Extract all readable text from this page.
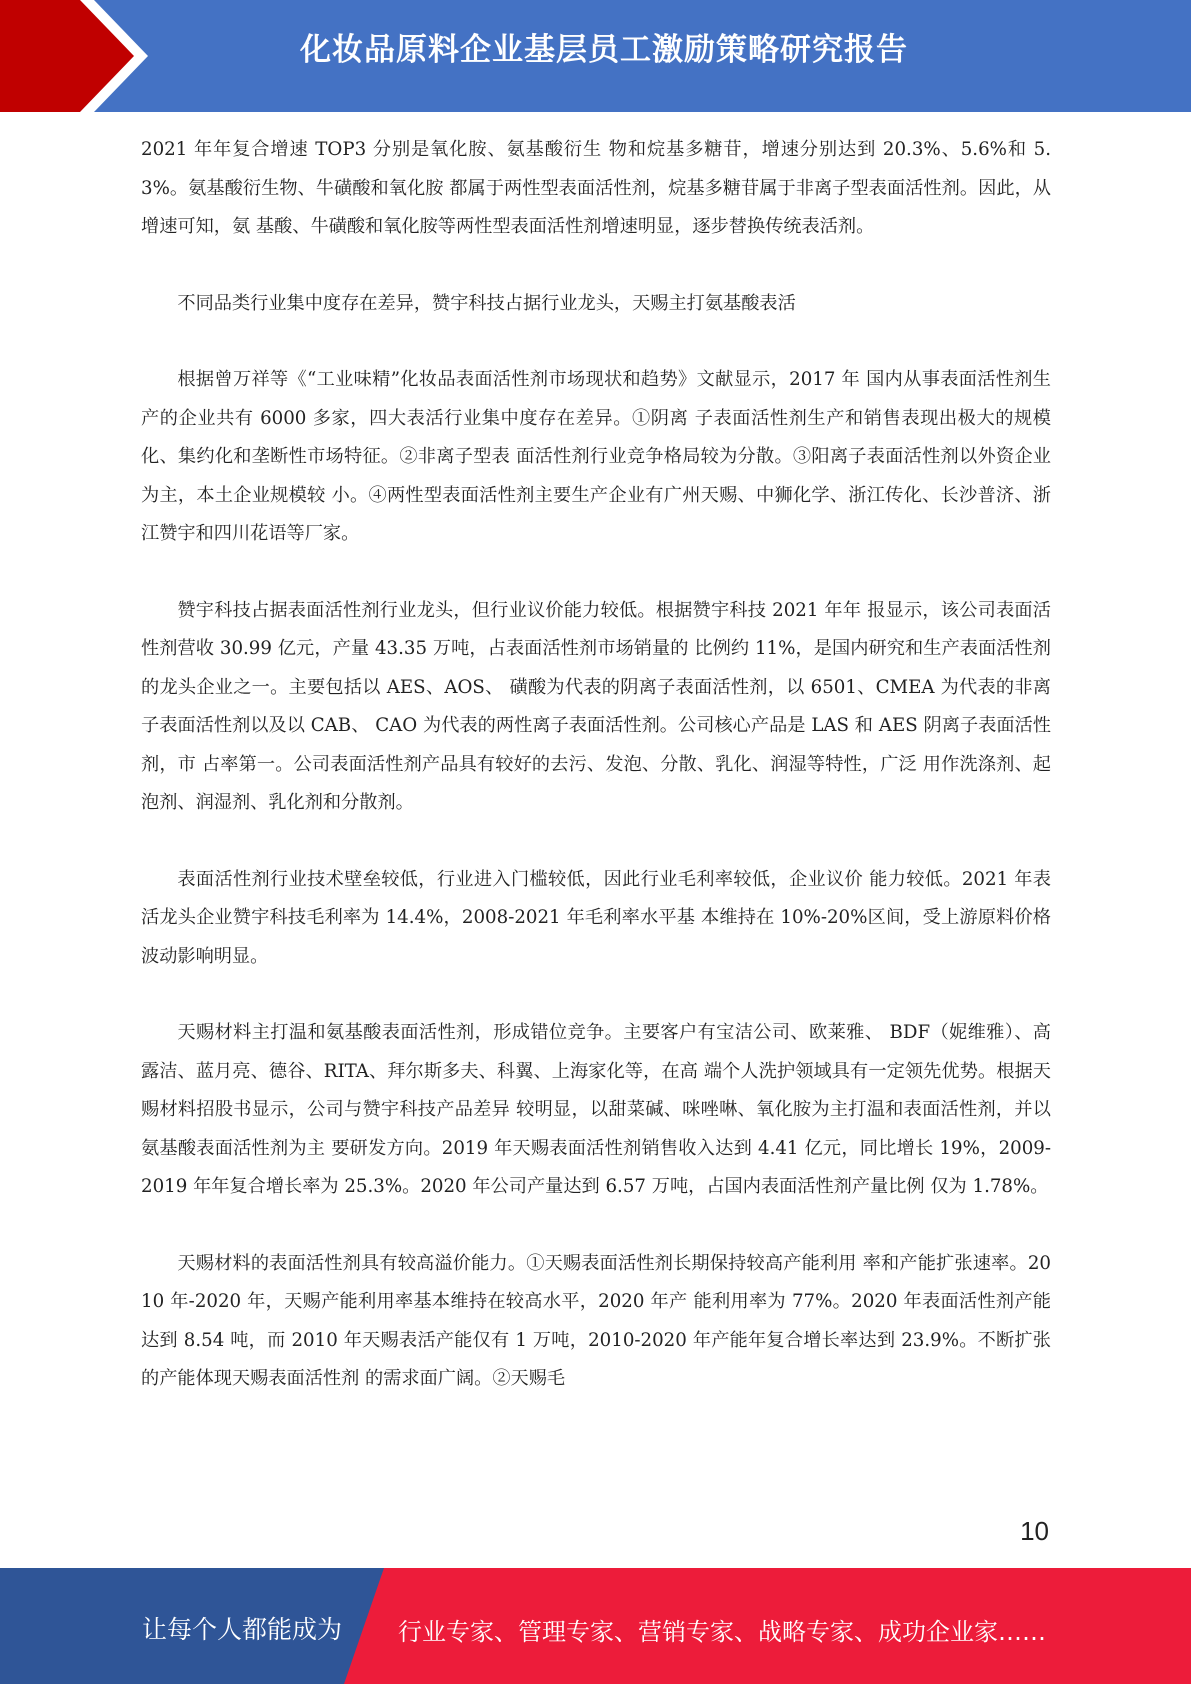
化妆品原料企业基层员工激励策略研究报告

2021 年年复合增速 TOP3 分别是氧化胺、氨基酸衍生 物和烷基多糖苷，增速分别达到 20.3%、5.6%和 5.3%。氨基酸衍生物、牛磺酸和氧化胺 都属于两性型表面活性剂，烷基多糖苷属于非离子型表面活性剂。因此，从增速可知，氨 基酸、牛磺酸和氧化胺等两性型表面活性剂增速明显，逐步替换传统表活剂。

不同品类行业集中度存在差异，赞宇科技占据行业龙头，天赐主打氨基酸表活

根据曾万祥等《“工业味精”化妆品表面活性剂市场现状和趋势》文献显示，2017 年 国内从事表面活性剂生产的企业共有 6000 多家，四大表活行业集中度存在差异。①阴离 子表面活性剂生产和销售表现出极大的规模化、集约化和垄断性市场特征。②非离子型表 面活性剂行业竞争格局较为分散。③阳离子表面活性剂以外资企业为主，本土企业规模较 小。④两性型表面活性剂主要生产企业有广州天赐、中狮化学、浙江传化、长沙普济、浙 江赞宇和四川花语等厂家。

赞宇科技占据表面活性剂行业龙头，但行业议价能力较低。根据赞宇科技 2021 年年 报显示，该公司表面活性剂营收 30.99 亿元，产量 43.35 万吨，占表面活性剂市场销量的 比例约 11%，是国内研究和生产表面活性剂的龙头企业之一。主要包括以 AES、AOS、 磺酸为代表的阴离子表面活性剂，以 6501、CMEA 为代表的非离子表面活性剂以及以 CAB、 CAO 为代表的两性离子表面活性剂。公司核心产品是 LAS 和 AES 阴离子表面活性剂，市 占率第一。公司表面活性剂产品具有较好的去污、发泡、分散、乳化、润湿等特性，广泛 用作洗涤剂、起泡剂、润湿剂、乳化剂和分散剂。

表面活性剂行业技术壁垒较低，行业进入门槛较低，因此行业毛利率较低，企业议价 能力较低。2021 年表活龙头企业赞宇科技毛利率为 14.4%，2008-2021 年毛利率水平基 本维持在 10%-20%区间，受上游原料价格波动影响明显。

天赐材料主打温和氨基酸表面活性剂，形成错位竞争。主要客户有宝洁公司、欧莱雅、 BDF（妮维雅）、高露洁、蓝月亮、德谷、RITA、拜尔斯多夫、科翼、上海家化等，在高 端个人洗护领域具有一定领先优势。根据天赐材料招股书显示，公司与赞宇科技产品差异 较明显，以甜菜碱、咪唑啉、氧化胺为主打温和表面活性剂，并以氨基酸表面活性剂为主 要研发方向。2019 年天赐表面活性剂销售收入达到 4.41 亿元，同比增长 19%，2009-2019 年年复合增长率为 25.3%。2020 年公司产量达到 6.57 万吨，占国内表面活性剂产量比例 仅为 1.78%。

天赐材料的表面活性剂具有较高溢价能力。①天赐表面活性剂长期保持较高产能利用 率和产能扩张速率。2010 年-2020 年，天赐产能利用率基本维持在较高水平，2020 年产 能利用率为 77%。2020 年表面活性剂产能达到 8.54 吨，而 2010 年天赐表活产能仅有 1 万吨，2010-2020 年产能年复合增长率达到 23.9%。不断扩张的产能体现天赐表面活性剂 的需求面广阔。②天赐毛

10
让每个人都能成为 行业专家、管理专家、营销专家、战略专家、成功企业家……
